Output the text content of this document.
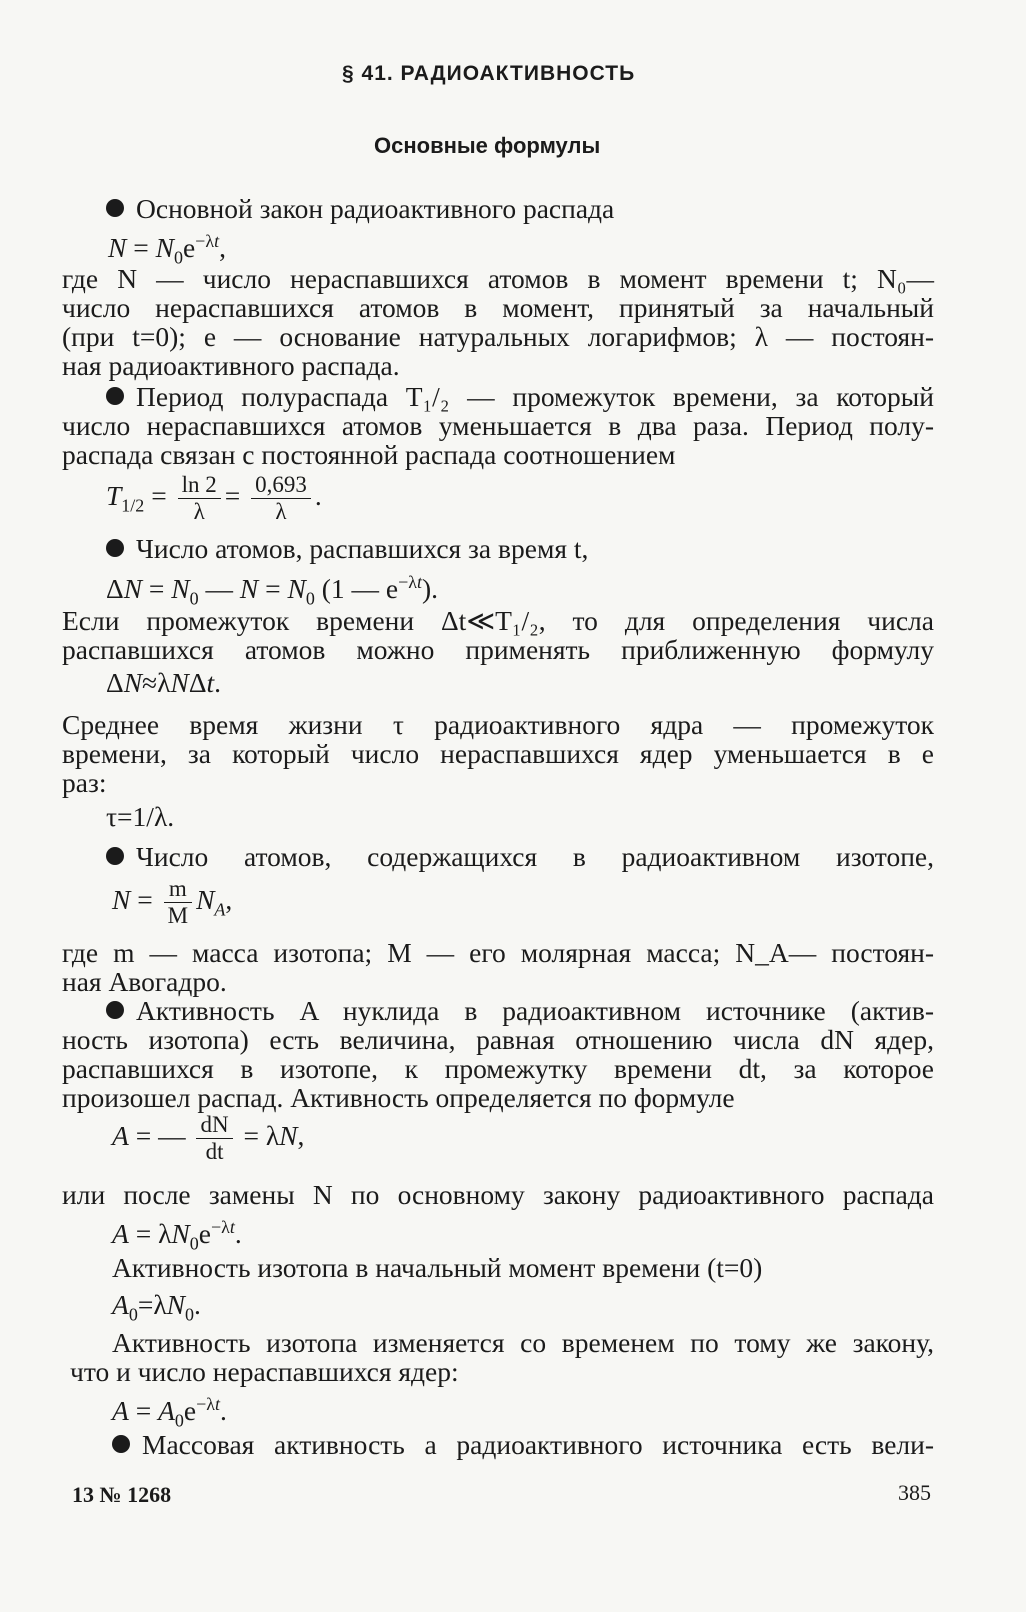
§ 41. РАДИОАКТИВНОСТЬ
Основные формулы
Основной закон радиоактивного распада
$N = N_0e^{-\lambda t}$,
где N — число нераспавшихся атомов в момент времени t; N₀—
число нераспавшихся атомов в момент, принятый за начальный
(при t=0); e — основание натуральных логарифмов; λ — постоян-
ная радиоактивного распада.
Период полураспада T₁/₂ — промежуток времени, за который
число нераспавшихся атомов уменьшается в два раза. Период полу-
распада связан с постоянной распада соотношением
$T_{1/2} = \frac{\ln 2}{\lambda} = \frac{0,693}{\lambda}$ .
Число атомов, распавшихся за время t,
$\Delta N = N_0$ — $N = N_0$ (1 — $e^{-\lambda t}$).
Если промежуток времени Δt≪T₁/₂, то для определения числа
распавшихся атомов можно применять приближенную формулу
ΔN≈λNΔt.
Среднее время жизни τ радиоактивного ядра — промежуток
времени, за который число нераспавшихся ядер уменьшается в e
раз:
τ=1/λ.
Число атомов, содержащихся в радиоактивном изотопе,
$N = \frac{m}{M} N_A$,
где m — масса изотопа; M — его молярная масса; N_A— постоян-
ная Авогадро.
Активность A нуклида в радиоактивном источнике (актив-
ность изотопа) есть величина, равная отношению числа dN ядер,
распавшихся в изотопе, к промежутку времени dt, за которое
произошел распад. Активность определяется по формуле
A = — $\frac{dN}{dt} = \lambda N$,
или после замены N по основному закону радиоактивного распада
$A = \lambda N_0e^{-\lambda t}$.
Активность изотопа в начальный момент времени (t=0)
$A_0=\lambda N_0$.
Активность изотопа изменяется со временем по тому же закону,
что и число нераспавшихся ядер:
$A = A_0e^{-\lambda t}$.
Массовая активность a радиоактивного источника есть вели-
13 № 1268	385
